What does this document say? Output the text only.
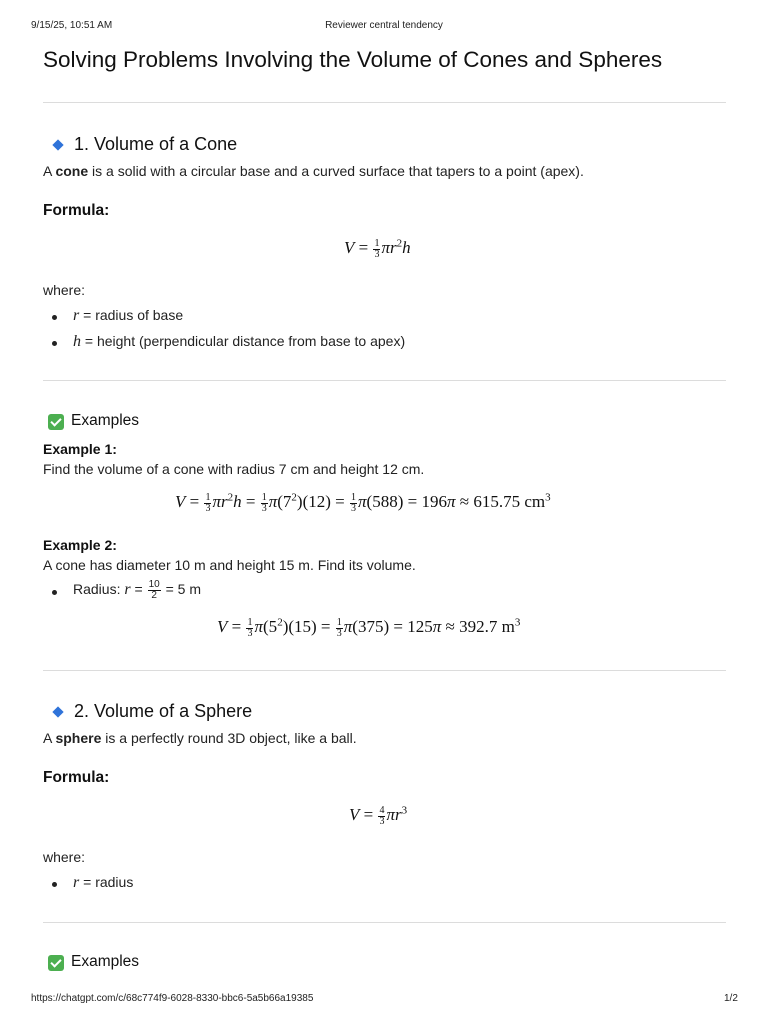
9/15/25, 10:51 AM	Reviewer central tendency
Solving Problems Involving the Volume of Cones and Spheres
1. Volume of a Cone
A cone is a solid with a circular base and a curved surface that tapers to a point (apex).
Formula:
$V = \frac{1}{3} \pi r^2h$
where:
r = radius of base
h = height (perpendicular distance from base to apex)
Examples
Example 1:
Find the volume of a cone with radius 7 cm and height 12 cm.
$V = \frac{1}{3} \pi r^2h = \frac{1}{3} \pi(7^2)(12) = \frac{1}{3} \pi(588) = 196\pi \approx 615.75$ $cm^3$
Example 2:
A cone has diameter 10 m and height 15 m. Find its volume.
Radius: $r = \frac{10}{2} = 5$ m
$V = \frac{1}{3} \pi(5^2)(15) = \frac{1}{3} \pi(375) = 125\pi \approx 392.7$ $m^3$
2. Volume of a Sphere
A sphere is a perfectly round 3D object, like a ball.
Formula:
$V = \frac{4}{3} \pi r^3$
where:
r = radius
Examples
https://chatgpt.com/c/68c774f9-6028-8330-bbc6-5a5b66a19385	1/2
